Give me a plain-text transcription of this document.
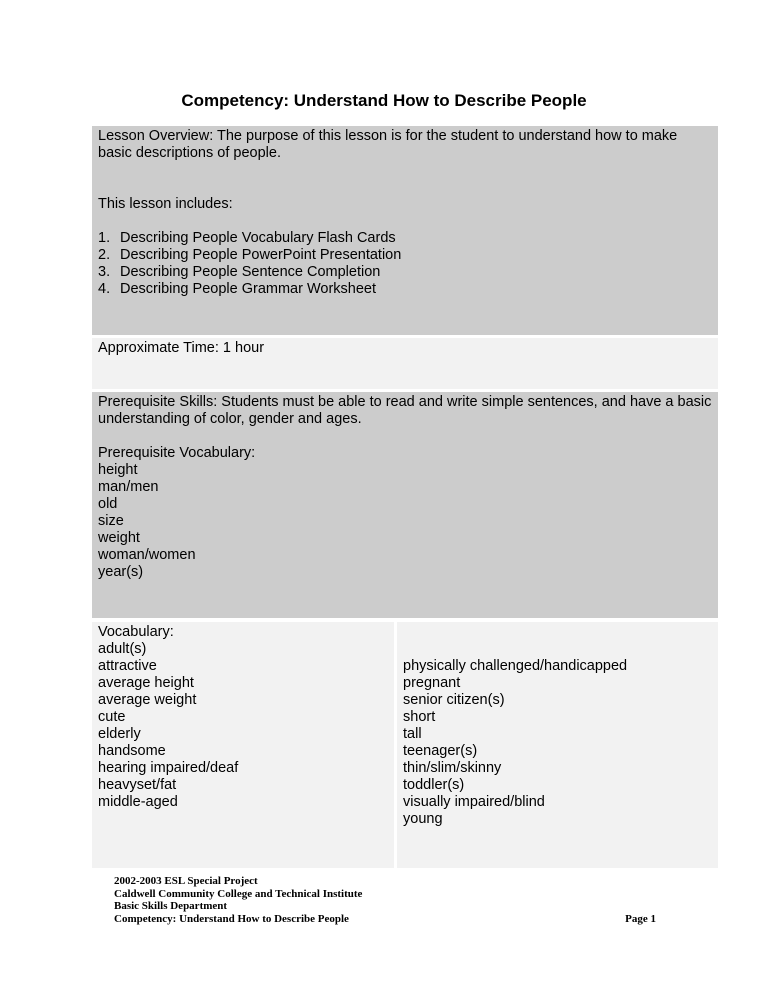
Competency: Understand How to Describe People

Lesson Overview: The purpose of this lesson is for the student to understand how to make basic descriptions of people.

This lesson includes:

1. Describing People Vocabulary Flash Cards
2. Describing People PowerPoint Presentation
3. Describing People Sentence Completion
4. Describing People Grammar Worksheet

Approximate Time: 1 hour

Prerequisite Skills: Students must be able to read and write simple sentences, and have a basic understanding of color, gender and ages.

Prerequisite Vocabulary:

height
man/men
old
size
weight
woman/women
year(s)

Vocabulary:

adult(s)
attractive
average height
average weight
cute
elderly
handsome
hearing impaired/deaf
heavyset/fat
middle-aged
physically challenged/handicapped
pregnant
senior citizen(s)
short
tall
teenager(s)
thin/slim/skinny
toddler(s)
visually impaired/blind
young
2002-2003 ESL Special Project
Caldwell Community College and Technical Institute
Basic Skills Department
Competency: Understand How to Describe People	Page 1
